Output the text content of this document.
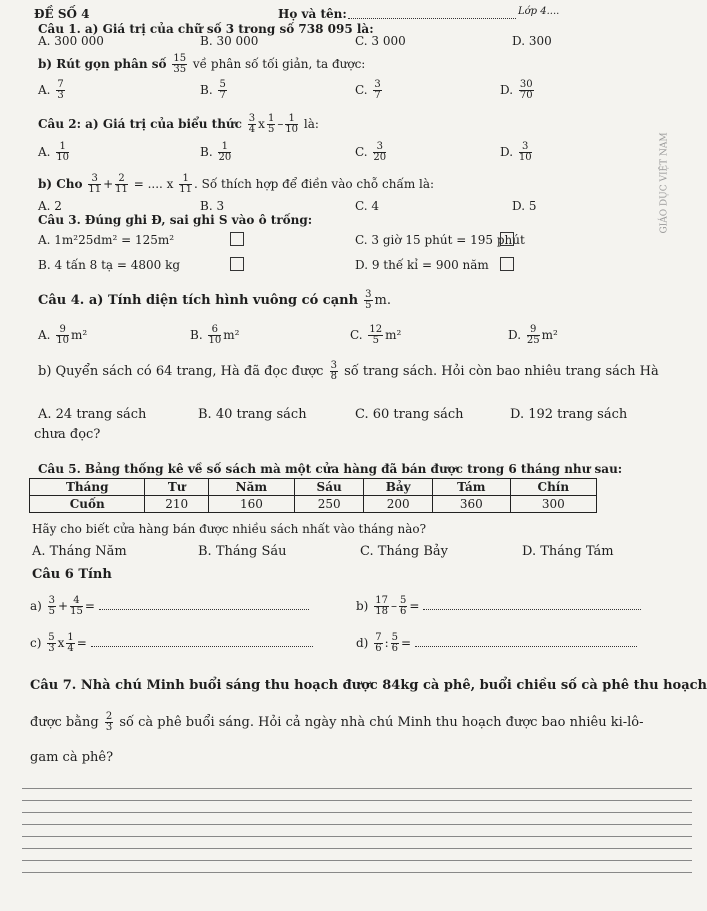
ĐỀ SỐ 4	Họ và tên:	Lớp 4....
Câu 1. a) Giá trị của chữ số 3 trong số 738 095 là:
A. 300 000	B. 30 000	C. 3 000	D. 300
b) Rút gọn phân số $\frac{15}{35}$ về phân số tối giản, ta được:
A. $\frac{7}{3}$	B. $\frac{5}{7}$	C. $\frac{3}{7}$	D. $\frac{30}{70}$
Câu 2: a) Giá trị của biểu thức $\frac{3}{4}$ x $\frac{1}{5} - \frac{1}{10}$ là:
A. $\frac{1}{10}$	B. $\frac{1}{20}$	C. $\frac{3}{20}$	D. $\frac{3}{10}$
b) Cho $\frac{3}{11} + \frac{2}{11}$ = .... x $\frac{1}{11}$ . Số thích hợp để điền vào chỗ chấm là:
A. 2	B. 3	C. 4	D. 5
Câu 3. Đúng ghi Đ, sai ghi S vào ô trống:
A. 1m²25dm² = 125m²	C. 3 giờ 15 phút = 195 phút
B. 4 tấn 8 tạ = 4800 kg	D. 9 thế kỉ = 900 năm
Câu 4. a) Tính diện tích hình vuông có cạnh $\frac{3}{5} m$.
A. $\frac{9}{10} m^2$	B. $\frac{6}{10} m^2$	C. $\frac{12}{5} m^2$	D. $\frac{9}{25} m^2$
b) Quyển sách có 64 trang, Hà đã đọc được $\frac{3}{8}$ số trang sách. Hỏi còn bao nhiêu trang sách Hà
A. 24 trang sách	B. 40 trang sách	C. 60 trang sách	D. 192 trang sách
chưa đọc?
Câu 5. Bảng thống kê về số sách mà một cửa hàng đã bán được trong 6 tháng như sau:
Tháng	Tư	Năm	Sáu	Bảy	Tám	Chín
Cuốn	210	160	250	200	360	300
Hãy cho biết cửa hàng bán được nhiều sách nhất vào tháng nào?
A. Tháng Năm	B. Tháng Sáu	C. Tháng Bảy	D. Tháng Tám
Câu 6 Tính
$a) \frac{3}{5} + \frac{4}{15}$ =	$b) \frac{17}{18} - \frac{5}{6}$ =
$c) \frac{5}{3}$ x $\frac{1}{4}$ =	$d) \frac{7}{6}$ : $\frac{5}{6}$ =
Câu 7. Nhà chú Minh buổi sáng thu hoạch được 84kg cà phê, buổi chiều số cà phê thu hoạch
được bằng $\frac{2}{3}$ số cà phê buổi sáng. Hỏi cả ngày nhà chú Minh thu hoạch được bao nhiêu ki-lô-
gam cà phê?
GIÁO DỤC VIỆT NAM
